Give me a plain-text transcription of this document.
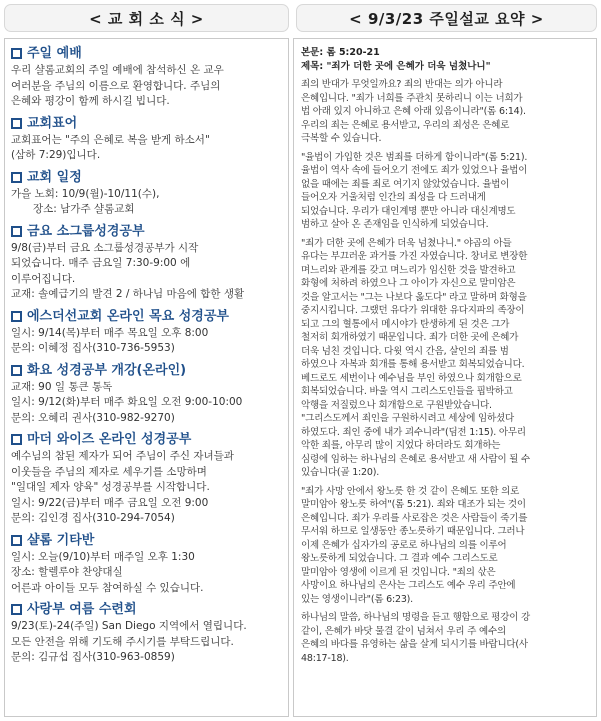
< 교 회 소 식 >	< 9/3/23 주일설교 요약 >
주일 예배
우리 샬롬교회의 주일 예배에 참석하신 온 교우
여러분을 주님의 이름으로 환영합니다. 주님의
은혜와 평강이 함께 하시길 빕니다.
교회표어
교회표어는 "주의 은혜로 복을 받게 하소서"
(삼하 7:29)입니다.
교회 일정
가을 노회: 10/9(월)-10/11(수),
장소: 남가주 샬롬교회
금요 소그룹성경공부
9/8(금)부터 금요 소그룹성경공부가 시작
되었습니다. 매주 금요일 7:30-9:00 에
이루어집니다.
교재: 솔예급기의 발견 2 / 하나님 마음에 합한 생활
에스더선교회 온라인 목요 성경공부
일시: 9/14(목)부터 매주 목요일 오후 8:00
문의: 이혜정 집사(310-736-5953)
화요 성경공부 개강(온라인)
교재: 90 일 통큰 통독
일시: 9/12(화)부터 매주 화요일 오전 9:00-10:00
문의: 오혜리 권사(310-982-9270)
마더 와이즈 온라인 성경공부
예수님의 참된 제자가 되어 주님이 주신 자녀들과
이웃들을 주님의 제자로 세우기를 소망하며
"일대일 제자 양육" 성경공부를 시작합니다.
일시: 9/22(금)부터 매주 금요일 오전 9:00
문의: 김인경 집사(310-294-7054)
샬롬 기타반
일시: 오늘(9/10)부터 매주일 오후 1:30
장소: 할렐루야 찬양대실
어른과 아이들 모두 참여하실 수 있습니다.
사랑부 여름 수련회
9/23(토)-24(주일) San Diego 지역에서 열립니다.
모든 안전을 위해 기도해 주시기를 부탁드립니다.
문의: 김규섭 집사(310-963-0859)
본문: 롬 5:20-21
제목: "죄가 더한 곳에 은혜가 더욱 넘쳤나니"
죄의 반대가 무엇일까요? 죄의 반대는 의가 아니라
은혜입니다. "죄가 너희를 주관치 못하리니 이는 너희가
법 아래 있지 아니하고 은혜 아래 있음이니라"(롬 6:14).
우리의 죄는 은혜로 용서받고, 우리의 죄성은 은혜로
극복할 수 있습니다.
"율법이 가입한 것은 범죄를 더하게 함이니라"(롬 5:21).
율법이 역사 속에 들어오기 전에도 죄가 있었으나 율법이
없을 때에는 죄를 죄로 여기지 않았었습니다. 율법이
들어오자 거울처럼 인간의 죄성을 다 드러내게
되었습니다. 우리가 대인계명 뿐만 아니라 대신계명도
범하고 살아 온 존재임을 인식하게 되었습니다.
"죄가 더한 곳에 은혜가 더욱 넘쳤나니." 야곱의 아들
유다는 부끄러운 과거를 가진 자였습니다. 창녀로 변장한
며느리와 관계를 갖고 며느리가 임신한 것을 발견하고
화형에 처하려 하였으나 그 아이가 자신으로 말미암은
것을 알고서는 "그는 나보다 옳도다" 라고 말하며 화형을
중지시킵니다. 그랬던 유다가 위대한 유다지파의 족장이
되고 그의 혈통에서 메시야가 탄생하게 된 것은 그가
철저히 회개하였기 때문입니다. 죄가 더한 곳에 은혜가
더욱 넘친 것입니다. 다윗 역시 간음, 살인의 죄를 범
하였으나 자복과 회개를 통해 용서받고 회복되었습니다.
베드로도 세번이나 예수님을 부인 하였으나 회개함으로
회복되었습니다. 바울 역시 그리스도인들을 핍박하고
악행을 저질렀으나 회개함으로 구원받았습니다.
"그리스도께서 죄인을 구원하시려고 세상에 임하셨다
하였도다. 죄인 중에 내가 괴수니라"(딤전 1:15). 아무리
악한 죄를, 아무리 많이 지었다 하더라도 회개하는
심령에 임하는 하나님의 은혜로 용서받고 새 사람이 될 수
있습니다(골 1:20).
"죄가 사망 안에서 왕노릇 한 것 같이 은혜도 또한 의로
말미암아 왕노릇 하여"(롬 5:21). 죄와 대조가 되는 것이
은혜입니다. 죄가 우리를 사로잡은 것은 사람들이 죽기를
무서워 하므로 일생동안 종노릇하기 때문입니다. 그러나
이제 은혜가 십자가의 공로로 하나님의 의를 이루어
왕노릇하게 되었습니다. 그 결과 예수 그리스도로
말미암아 영생에 이르게 된 것입니다. "죄의 삯은
사망이요 하나님의 은사는 그리스도 예수 우리 주안에
있는 영생이니라"(롬 6:23).
하나님의 말씀, 하나님의 명령을 듣고 행함으로 평강이 강
같이, 은혜가 바닷 물결 같이 넘쳐서 우리 주 예수의
은혜의 바다를 유영하는 삶을 살게 되시기를 바랍니다(사
48:17-18).
